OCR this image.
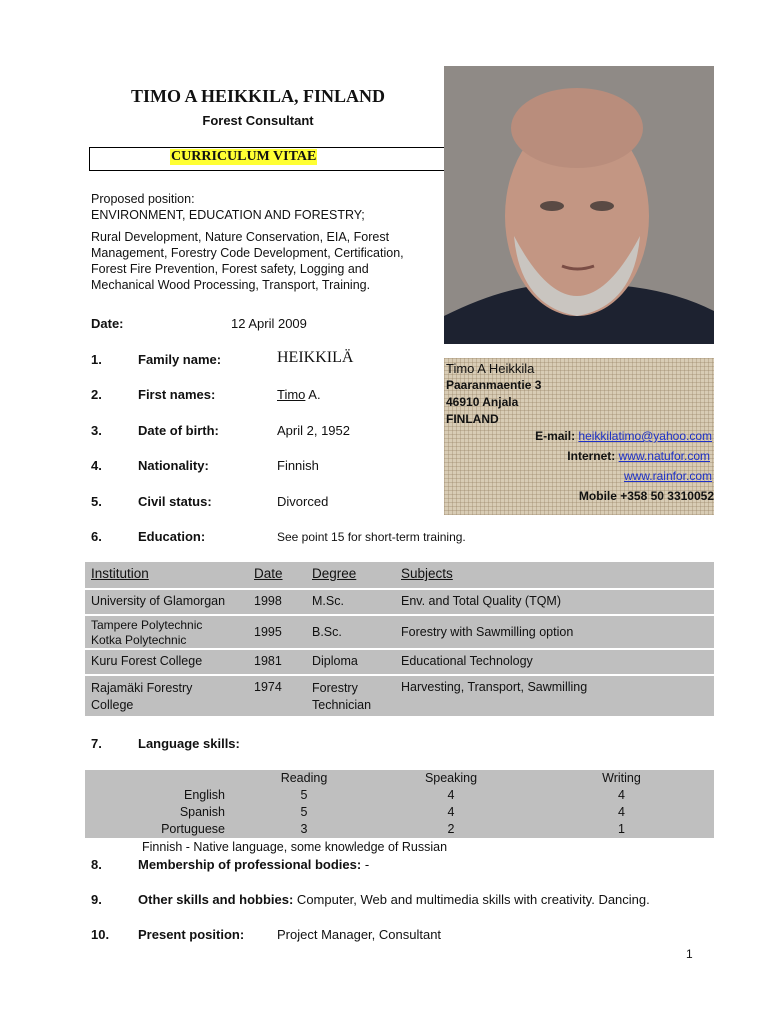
TIMO A HEIKKILA, FINLAND
Forest Consultant
CURRICULUM VITAE

Proposed position:

ENVIRONMENT, EDUCATION AND FORESTRY;

Rural Development, Nature Conservation, EIA, Forest Management, Forestry Code Development, Certification, Forest Fire Prevention, Forest safety, Logging and Mechanical Wood Processing, Transport, Training.

Date:	12 April 2009
1.	Family name:	HEIKKILÄ
2.	First names:	Timo A.
3.	Date of birth:	April 2, 1952
4.	Nationality:	Finnish
5.	Civil status:	Divorced
6.	Education:	See point 15 for short-term training.
Timo A Heikkila
Paaranmaentie 3
46910 Anjala
FINLAND
E-mail: heikkilatimo@yahoo.com
Internet: www.natufor.com
www.rainfor.com
Mobile +358 50 3310052
Institution	Date	Degree	Subjects
University of Glamorgan	1998	M.Sc.	Env. and Total Quality (TQM)
Tampere Polytechnic Kotka Polytechnic	1995	B.Sc.	Forestry with Sawmilling option
Kuru Forest College	1981	Diploma	Educational Technology
Rajamäki Forestry College	1974	Forestry Technician	Harvesting, Transport, Sawmilling
7.	Language skills:
	Reading	Speaking	Writing
English	5	4	4
Spanish	5	4	4
Portuguese	3	2	1
Finnish - Native language, some knowledge of Russian
8.	Membership of professional bodies: -
9.	Other skills and hobbies: Computer, Web and multimedia skills with creativity. Dancing.
10. Present position:	Project Manager, Consultant
1
